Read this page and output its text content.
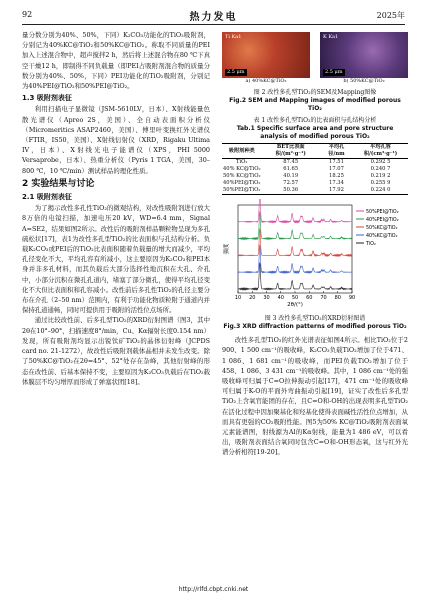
92	热力发电	2025年

量分数分别为40%、50%，下同）K₂CO₃功能化的TiO₂吸附剂，分别记为40%KC@TiO₂和50%KC@TiO₂。称取不同质量的PEI加入上述混合物中，超声搅拌2 h，然后将上述混合物在80 ℃下真空干燥12 h，即制得不同负载量（即PEI占吸附剂混合物的质量分数分别为40%、50%，下同）PEI功能化的TiO₂吸附剂，分别记为40%PEI@TiO₂和50%PEI@TiO₂。

1.3 吸附剂表征

利用扫描电子显微镜（JSM-5610LV，日本）、X射线能量色散光谱仪（Apreo 2S，美国）、全自动表面积分析仪（Micromeritics ASAP2460，美国）、傅里叶变换红外光谱仪（FTIR，IS50，美国）、X射线衍射仪（XRD，Rigaku Ultima IV，日本）、X射线光电子能谱仪（XPS，PHI 5000 Versaprobe，日本）、热重分析仪（Pyris 1 TGA，美国，30–800 ℃，10 ℃/min）测试样品的理化性质。

2 实验结果与讨论
2.1 吸附剂表征

为了揭示改性多孔性TiO₂的微观结构，对改性吸附剂进行放大8万倍的电镜扫描，加速电压20 kV，WD=6.4 mm，Signal A=SE2，结果如图2所示。改性后的吸附剂样品颗粒物呈现为多孔硫松状[17]，表1为改性多孔型TiO₂的比表面积与孔结构分析。负载K₂CO₃或PEI后的TiO₂比表面积随着负载量的增大而减少，平均孔径变化不大，平均孔容有所减小，这主要原因为K₂CO₃和PEI本身并非多孔材料，而其负载后大部分选择性地沉积在大孔、介孔中，小部分沉积在微孔孔道内，堵塞了部分微孔，使得平均孔径变化不大但比表面积和孔容减小。改性前后多孔性TiO₂的孔径主要分布在介孔（2–50 nm）范围内，有利于功能化物质粒附于通道内并保持孔道通畅，同时可提供用于吸附的活性位点场所。

通过比较改性前、后多孔型TiO₂的XRD衍射图谱（图3，其中2θ在10°–90°，扫描速度8°/min，Cu、Kα辐射长度0.154 nm）发现，所有吸附剂均显示出锐钛矿TiO₂的晶体衍射峰（JCPDS card no. 21-1272），故改性后吸附剂载体晶相并未发生改变。除了50%KC@TiO₂在2θ=45°、52°处存在杂峰，其他衍射峰的形态在改性前、后基本保持不变，主要原因为K₂CO₃负载后在TiO₂载体膜层不均匀增厚而形成了弹塞状团[18]。

Ti Ka1
2.5 μm
a) 40%KC@TiO₂
K Ka1
2.5 μm
b) 50%KC@TiO₂
图 2 改性多孔型TiO₂的SEM及Mapping图像
Fig.2 SEM and Mapping images of modified porous TiO₂
表 1 改性多孔型TiO₂的比表面积与孔结构分析
Tab.1 Specific surface area and pore structure analysis of modified porous TiO₂
吸附剂种类	BET比表面积/(m²·g⁻¹)	平均孔径/nm	平均孔容积/(cm³·g⁻¹)
TiO₂	87.45	17.51	0.292 5
40% KC@TiO₂	61.65	17.07	0.240 7
50% KC@TiO₂	40.19	18.25	0.219 2
40%PEI@TiO₂	72.57	17.34	0.255 9
50%PEI@TiO₂	50.36	17.92	0.224 0
10 20 30 40 50 60 70 80 90
2θ/(°)
强度
50%PEI@TiO₂
40%PEI@TiO₂
50%KC@TiO₂
40%KC@TiO₂
TiO₂
图 3 改性多孔型TiO₂的XRD衍射图谱
Fig.3 XRD diffraction patterns of modified porous TiO₂

改性多孔型TiO₂的红外光谱表征如图4所示。相比TiO₂位于2 900、1 500 cm⁻¹的吸收峰，K₂CO₃负载TiO₂增加了位于471、1 086、1 681 cm⁻¹的吸收峰，而PEI负载TiO₂增加了位于458、1 086、3 431 cm⁻¹的吸收峰。其中，1 086 cm⁻¹处的强吸收峰可归属于C=O拉伸振动引起[17]，471 cm⁻¹处的吸收峰可归属于K-O的平面外弯曲振动引起[19]，证实了改性后多孔型TiO₂上含氧官能团的存在，且C=O和-OH的出现表明多孔型TiO₂在活化过程中因加聚基化和羟基化使得表面碱性活性位点增加，从而具有更强的CO₂吸附性能。图5为50% KC@TiO₂吸附剂表面氧元素能谱图，射线源为Al的Kα射线，能量为1 486 eV，可以看出，吸附剂表面结合氧同时包含C=O和-OH形态氧，这与红外光谱分析相符[19-20]。

http://rlfd.cbpt.cnki.net
